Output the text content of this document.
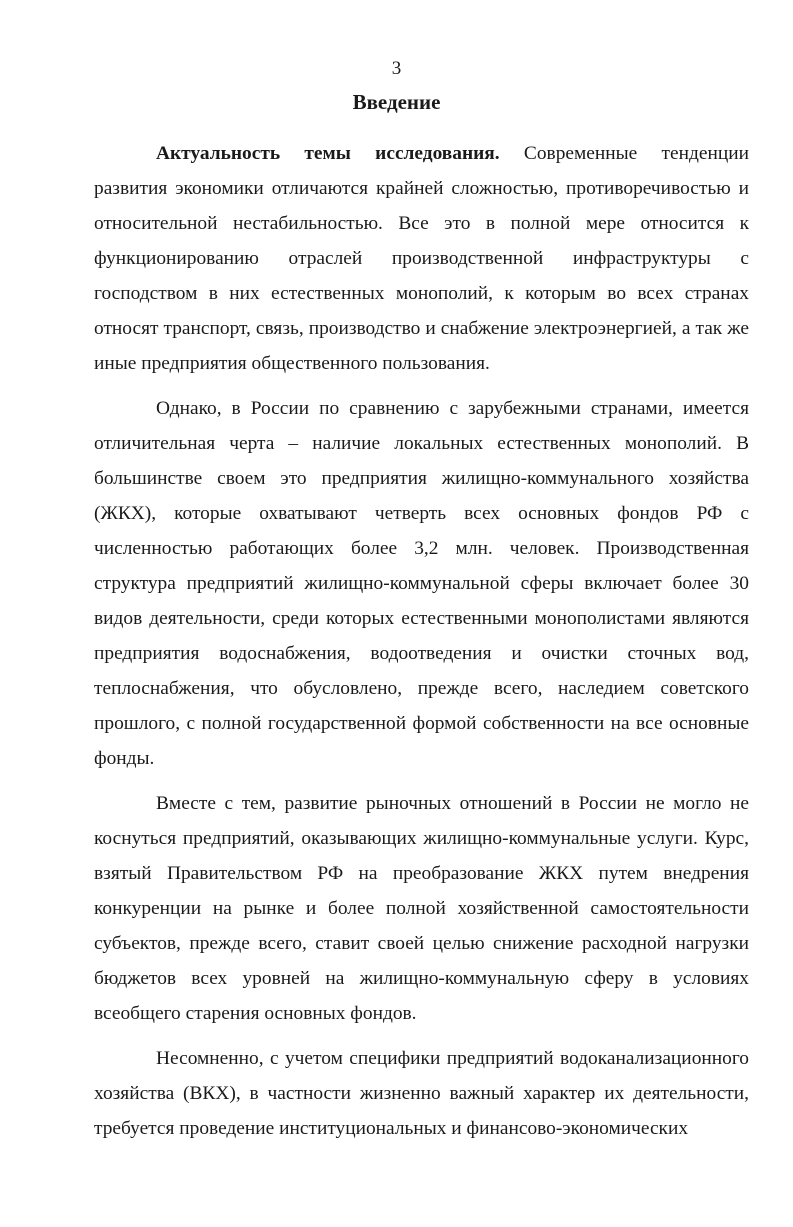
3
Введение

Актуальность темы исследования. Современные тенденции развития экономики отличаются крайней сложностью, противоречивостью и относительной нестабильностью. Все это в полной мере относится к функционированию отраслей производственной инфраструктуры с господством в них естественных монополий, к которым во всех странах относят транспорт, связь, производство и снабжение электроэнергией, а так же иные предприятия общественного пользования.

Однако, в России по сравнению с зарубежными странами, имеется отличительная черта – наличие локальных естественных монополий. В большинстве своем это предприятия жилищно-коммунального хозяйства (ЖКХ), которые охватывают четверть всех основных фондов РФ с численностью работающих более 3,2 млн. человек. Производственная структура предприятий жилищно-коммунальной сферы включает более 30 видов деятельности, среди которых естественными монополистами являются предприятия водоснабжения, водоотведения и очистки сточных вод, теплоснабжения, что обусловлено, прежде всего, наследием советского прошлого, с полной государственной формой собственности на все основные фонды.

Вместе с тем, развитие рыночных отношений в России не могло не коснуться предприятий, оказывающих жилищно-коммунальные услуги. Курс, взятый Правительством РФ на преобразование ЖКХ путем внедрения конкуренции на рынке и более полной хозяйственной самостоятельности субъектов, прежде всего, ставит своей целью снижение расходной нагрузки бюджетов всех уровней на жилищно-коммунальную сферу в условиях всеобщего старения основных фондов.

Несомненно, с учетом специфики предприятий водоканализационного хозяйства (ВКХ), в частности жизненно важный характер их деятельности, требуется проведение институциональных и финансово-экономических
